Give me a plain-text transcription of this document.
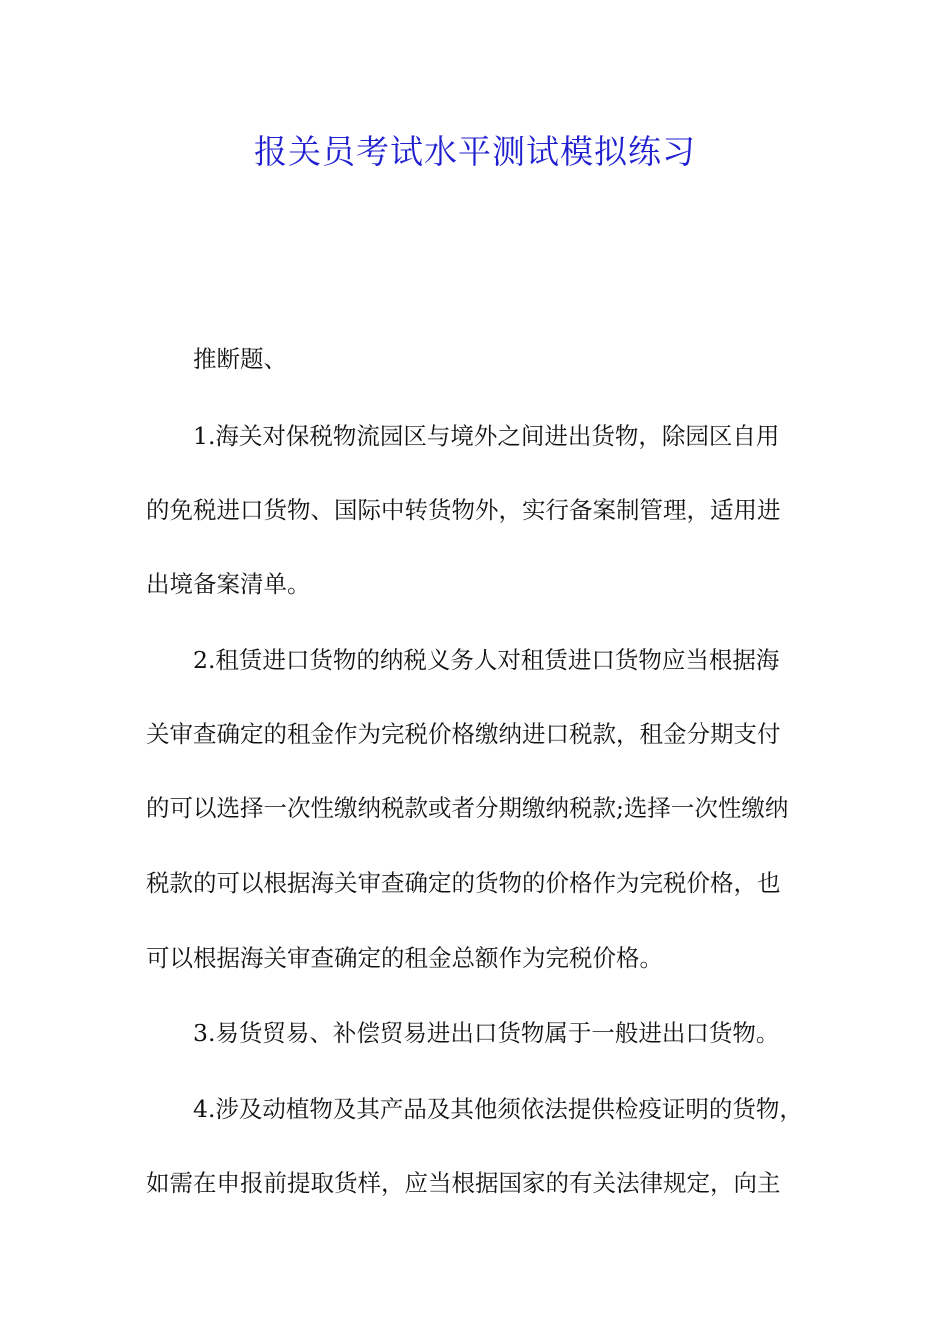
报关员考试水平测试模拟练习

推断题、

1.海关对保税物流园区与境外之间进出货物，除园区自用

的免税进口货物、国际中转货物外，实行备案制管理，适用进

出境备案清单。

2.租赁进口货物的纳税义务人对租赁进口货物应当根据海

关审查确定的租金作为完税价格缴纳进口税款，租金分期支付

的可以选择一次性缴纳税款或者分期缴纳税款;选择一次性缴纳

税款的可以根据海关审查确定的货物的价格作为完税价格，也

可以根据海关审查确定的租金总额作为完税价格。

3.易货贸易、补偿贸易进出口货物属于一般进出口货物。

4.涉及动植物及其产品及其他须依法提供检疫证明的货物，

如需在申报前提取货样，应当根据国家的有关法律规定，向主
